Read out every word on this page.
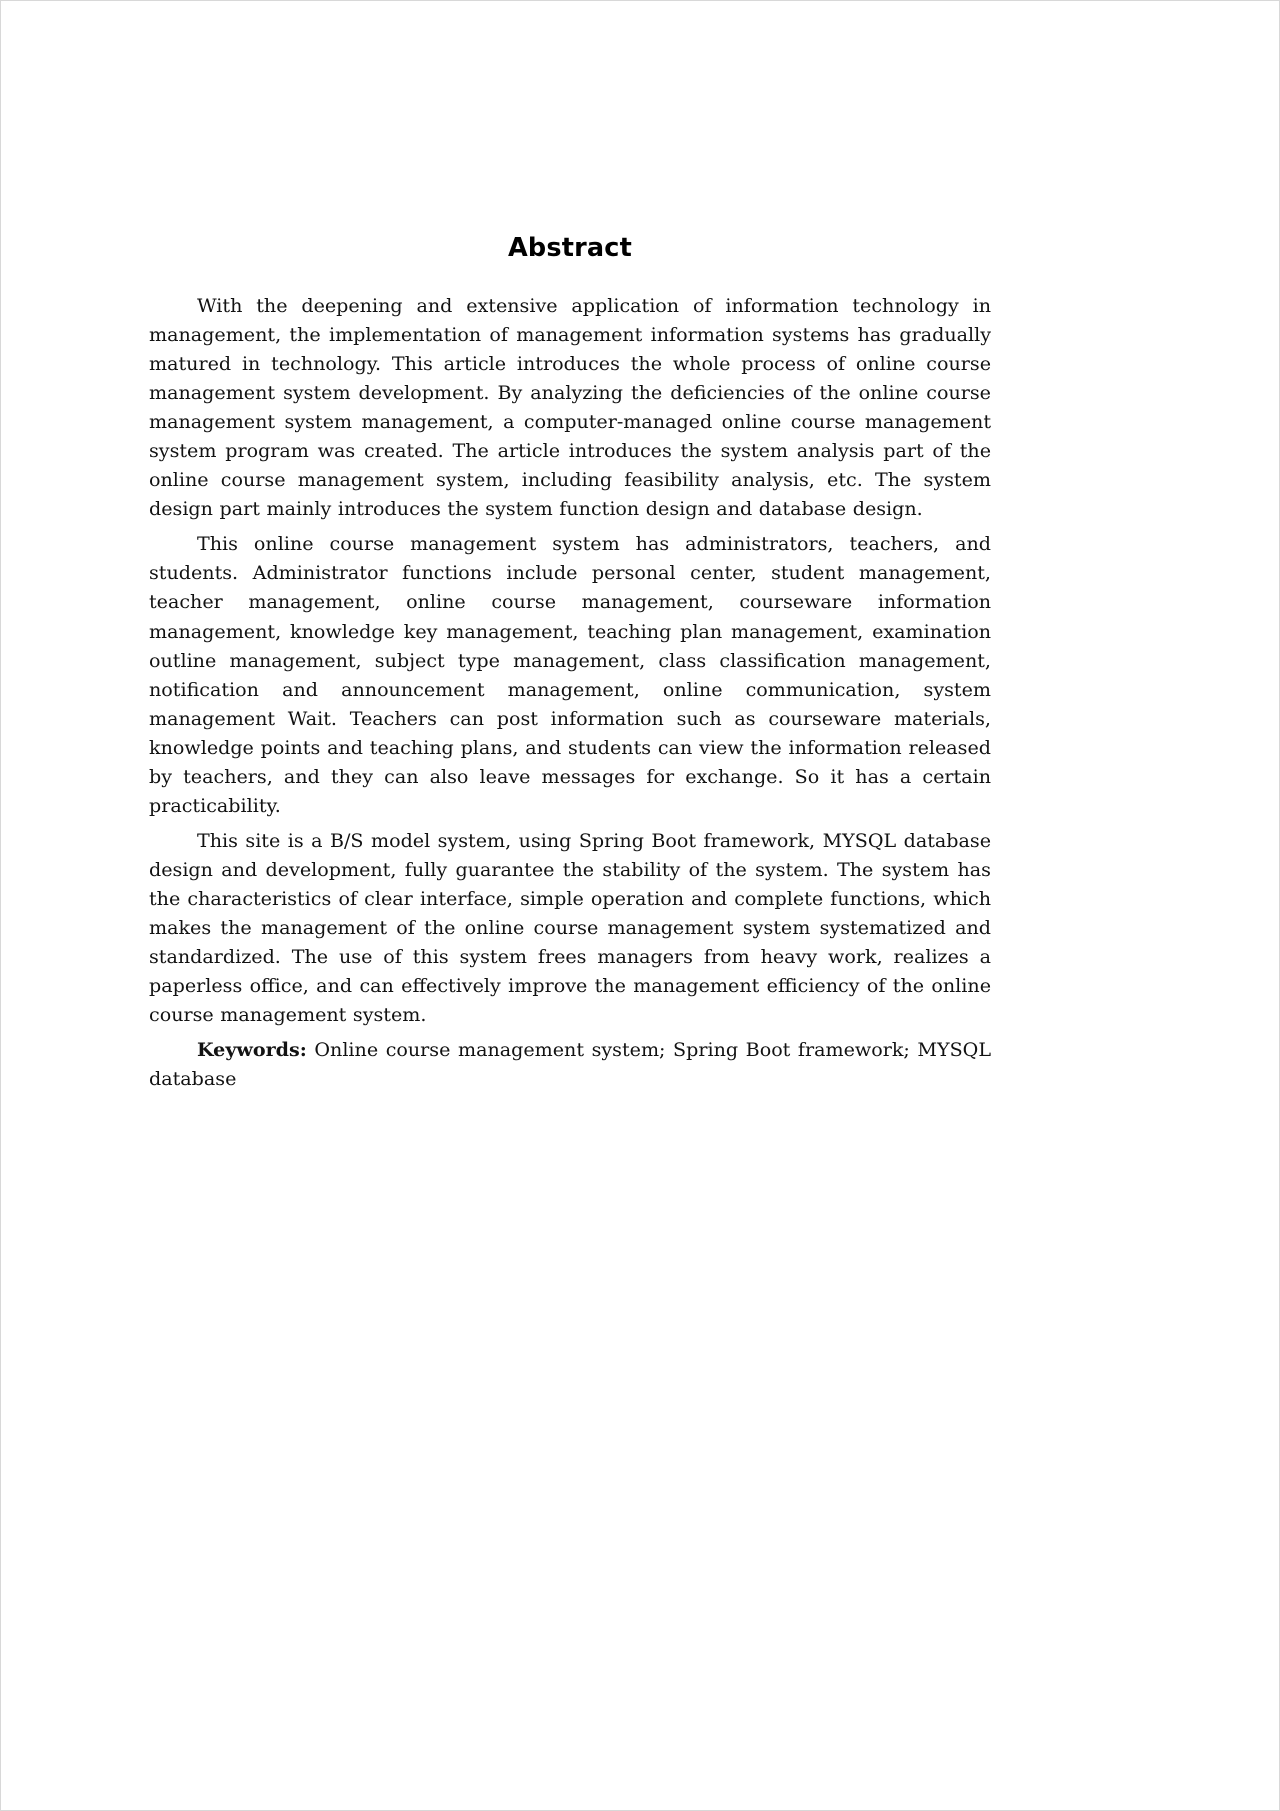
Abstract

With the deepening and extensive application of information technology in management, the implementation of management information systems has gradually matured in technology. This article introduces the whole process of online course management system development. By analyzing the deficiencies of the online course management system management, a computer-managed online course management system program was created. The article introduces the system analysis part of the online course management system, including feasibility analysis, etc. The system design part mainly introduces the system function design and database design.

This online course management system has administrators, teachers, and students. Administrator functions include personal center, student management, teacher management, online course management, courseware information management, knowledge key management, teaching plan management, examination outline management, subject type management, class classification management, notification and announcement management, online communication, system management Wait. Teachers can post information such as courseware materials, knowledge points and teaching plans, and students can view the information released by teachers, and they can also leave messages for exchange. So it has a certain practicability.

This site is a B/S model system, using Spring Boot framework, MYSQL database design and development, fully guarantee the stability of the system. The system has the characteristics of clear interface, simple operation and complete functions, which makes the management of the online course management system systematized and standardized. The use of this system frees managers from heavy work, realizes a paperless office, and can effectively improve the management efficiency of the online course management system.

Keywords: Online course management system; Spring Boot framework; MYSQL database
